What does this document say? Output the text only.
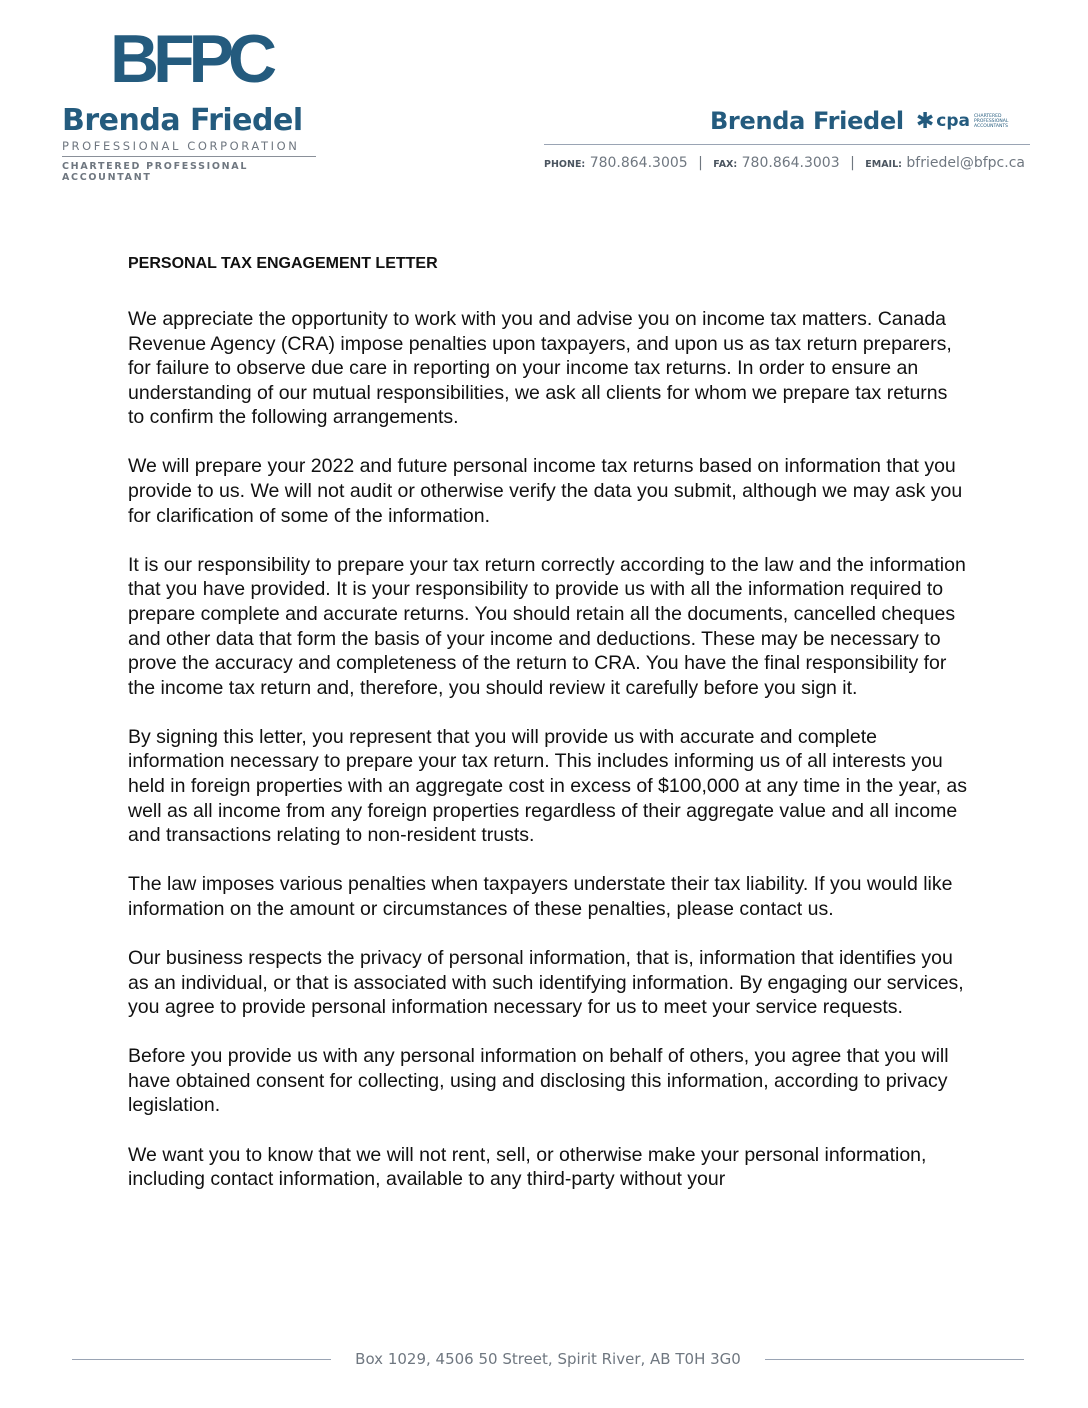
BFPC
Brenda Friedel
PROFESSIONAL CORPORATION
CHARTERED PROFESSIONAL ACCOUNTANT
Brenda Friedel ✱ cpa CHARTERED PROFESSIONAL ACCOUNTANTS
PHONE: 780.864.3005 | FAX: 780.864.3003 | EMAIL: bfriedel@bfpc.ca
PERSONAL TAX ENGAGEMENT LETTER

We appreciate the opportunity to work with you and advise you on income tax matters. Canada Revenue Agency (CRA) impose penalties upon taxpayers, and upon us as tax return preparers, for failure to observe due care in reporting on your income tax returns. In order to ensure an understanding of our mutual responsibilities, we ask all clients for whom we prepare tax returns to confirm the following arrangements.

We will prepare your 2022 and future personal income tax returns based on information that you provide to us. We will not audit or otherwise verify the data you submit, although we may ask you for clarification of some of the information.

It is our responsibility to prepare your tax return correctly according to the law and the information that you have provided. It is your responsibility to provide us with all the information required to prepare complete and accurate returns. You should retain all the documents, cancelled cheques and other data that form the basis of your income and deductions. These may be necessary to prove the accuracy and completeness of the return to CRA. You have the final responsibility for the income tax return and, therefore, you should review it carefully before you sign it.

By signing this letter, you represent that you will provide us with accurate and complete information necessary to prepare your tax return. This includes informing us of all interests you held in foreign properties with an aggregate cost in excess of $100,000 at any time in the year, as well as all income from any foreign properties regardless of their aggregate value and all income and transactions relating to non-resident trusts.

The law imposes various penalties when taxpayers understate their tax liability. If you would like information on the amount or circumstances of these penalties, please contact us.

Our business respects the privacy of personal information, that is, information that identifies you as an individual, or that is associated with such identifying information. By engaging our services, you agree to provide personal information necessary for us to meet your service requests.

Before you provide us with any personal information on behalf of others, you agree that you will have obtained consent for collecting, using and disclosing this information, according to privacy legislation.

We want you to know that we will not rent, sell, or otherwise make your personal information, including contact information, available to any third-party without your

Box 1029, 4506 50 Street, Spirit River, AB T0H 3G0
